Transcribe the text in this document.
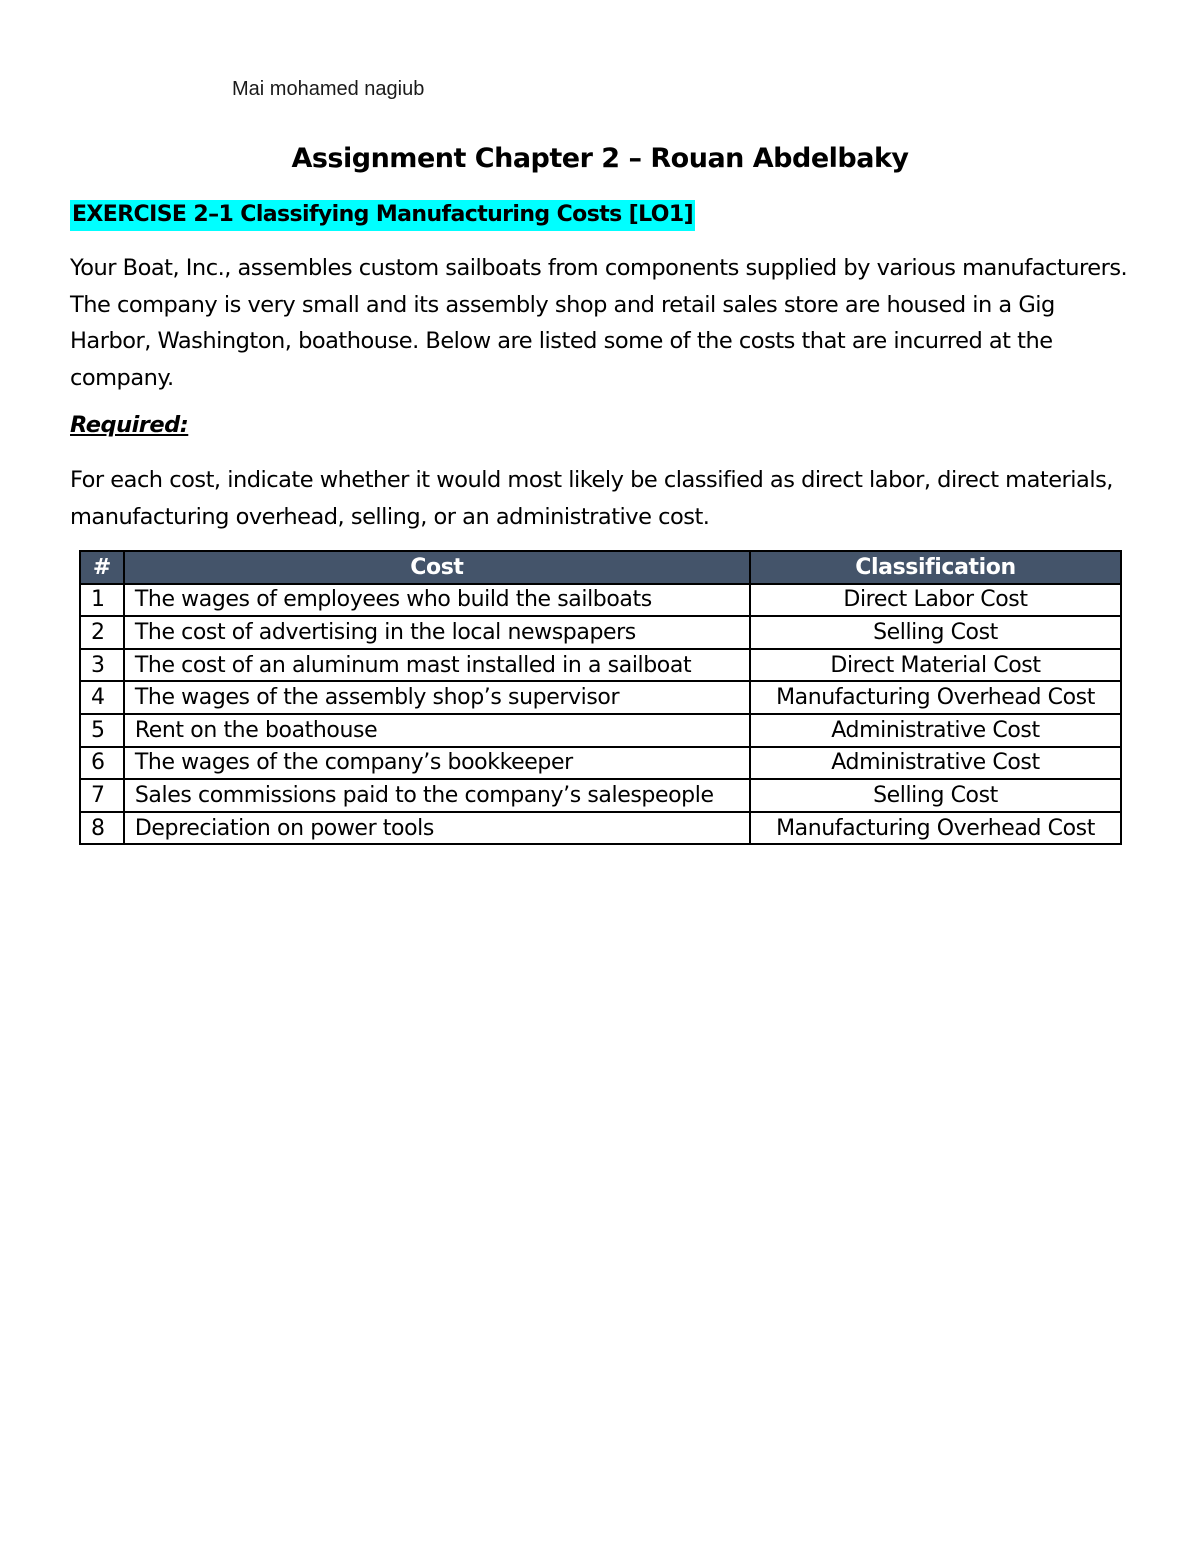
Mai mohamed nagiub
Assignment Chapter 2 – Rouan Abdelbaky
EXERCISE 2–1 Classifying Manufacturing Costs [LO1]
Your Boat, Inc., assembles custom sailboats from components supplied by various manufacturers. The company is very small and its assembly shop and retail sales store are housed in a Gig Harbor, Washington, boathouse. Below are listed some of the costs that are incurred at the company.
Required:
For each cost, indicate whether it would most likely be classified as direct labor, direct materials, manufacturing overhead, selling, or an administrative cost.
#	Cost	Classification
1	The wages of employees who build the sailboats	Direct Labor Cost
2	The cost of advertising in the local newspapers	Selling Cost
3	The cost of an aluminum mast installed in a sailboat	Direct Material Cost
4	The wages of the assembly shop’s supervisor	Manufacturing Overhead Cost
5	Rent on the boathouse	Administrative Cost
6	The wages of the company’s bookkeeper	Administrative Cost
7	Sales commissions paid to the company’s salespeople	Selling Cost
8	Depreciation on power tools	Manufacturing Overhead Cost
